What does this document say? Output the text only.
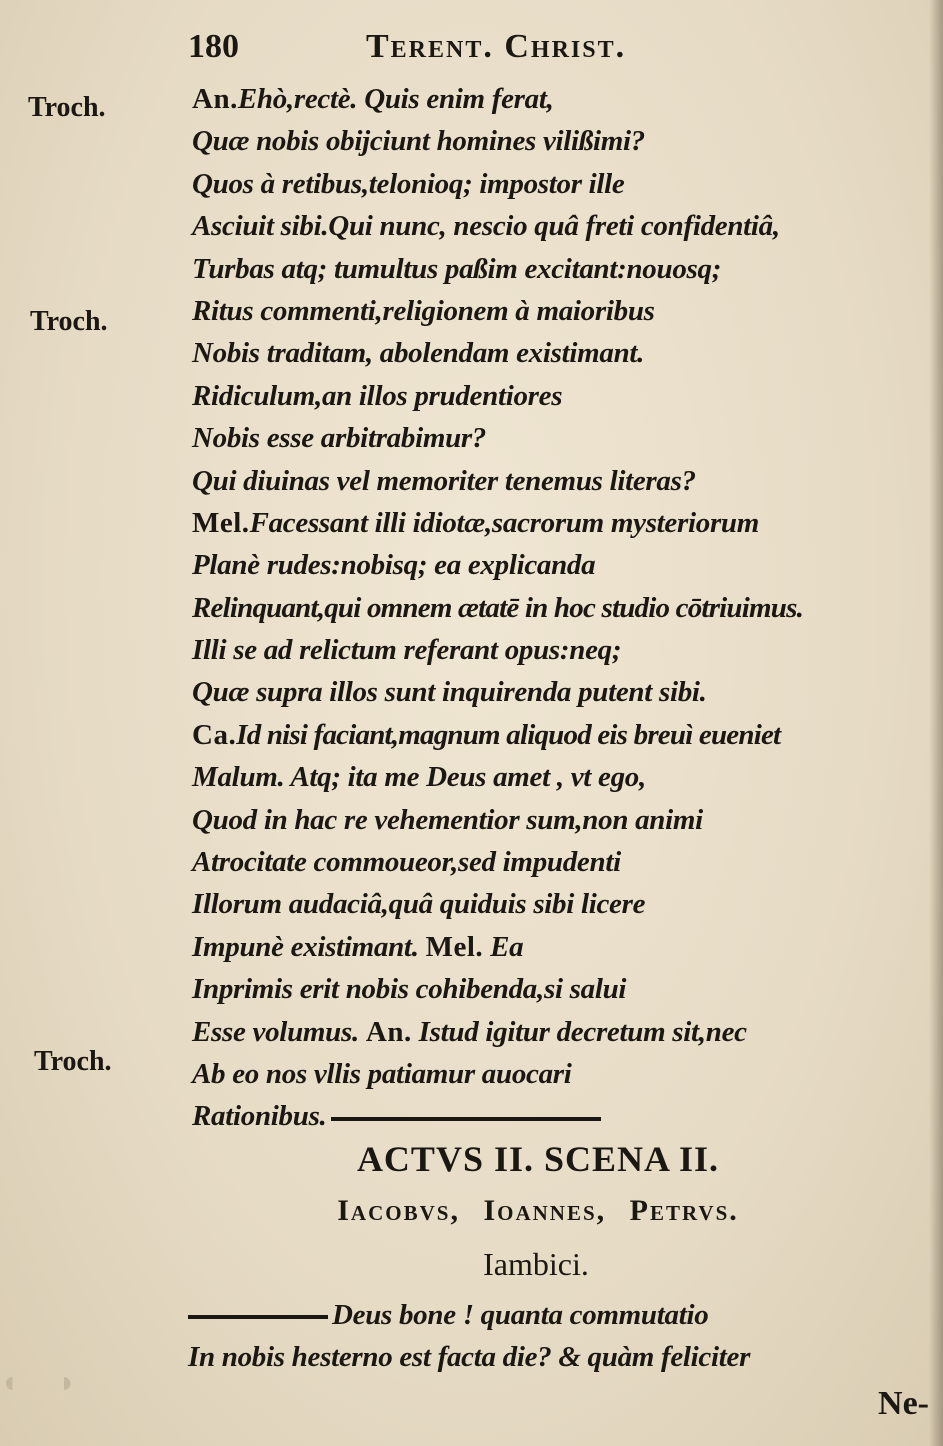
180	Terent. Christ.
Troch.
Troch.
Troch.
An.Ehò,rectè. Quis enim ferat,
Quæ nobis obijciunt homines vilißimi?
Quos à retibus,telonioq; impostor ille
Asciuit sibi.Qui nunc, nescio quâ freti confidentiâ,
Turbas atq; tumultus paßim excitant:nouosq;
Ritus commenti,religionem à maioribus
Nobis traditam, abolendam existimant.
Ridiculum,an illos prudentiores
Nobis esse arbitrabimur?
Qui diuinas vel memoriter tenemus literas?
Mel.Facessant illi idiotæ,sacrorum mysteriorum
Planè rudes:nobisq; ea explicanda
Relinquant,qui omnem ætatē in hoc studio cōtriuimus.
Illi se ad relictum referant opus:neq;
Quæ supra illos sunt inquirenda putent sibi.
Ca.Id nisi faciant,magnum aliquod eis breuì eueniet
Malum. Atq; ita me Deus amet , vt ego,
Quod in hac re vehementior sum,non animi
Atrocitate commoueor,sed impudenti
Illorum audaciâ,quâ quiduis sibi licere
Impunè existimant. Mel. Ea
Inprimis erit nobis cohibenda,si salui
Esse volumus. An. Istud igitur decretum sit,nec
Ab eo nos vllis patiamur auocari
Rationibus.
ACTVS II. SCENA II.
Iacobvs, Ioannes, Petrvs.
Iambici.
Deus bone ! quanta commutatio
In nobis hesterno est facta die? & quàm feliciter
◖◗
Ne-
